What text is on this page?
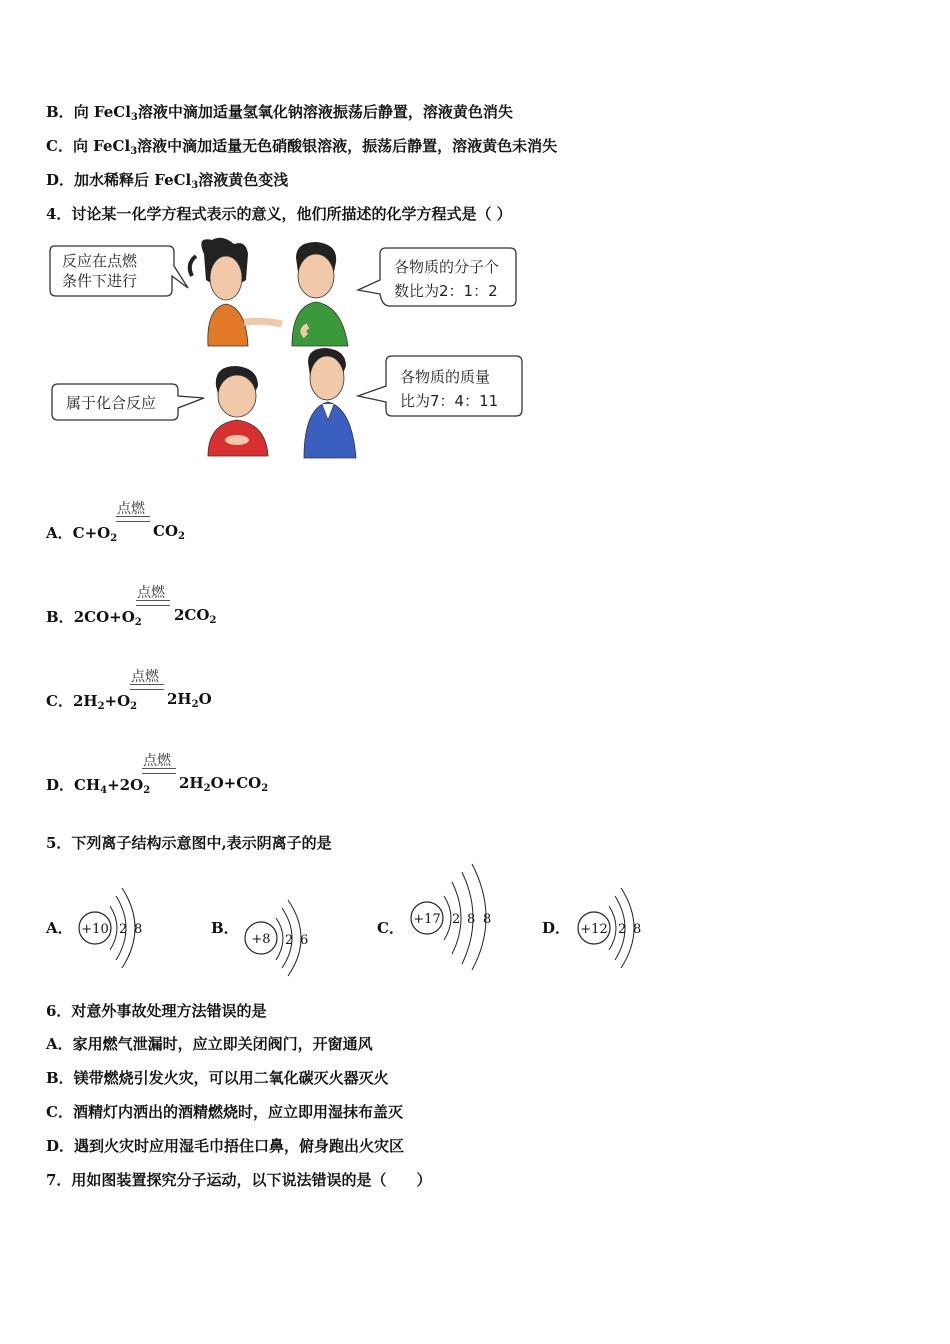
B．向 FeCl$_3$溶液中滴加适量氢氧化钠溶液振荡后静置，溶液黄色消失
C．向 FeCl$_3$溶液中滴加适量无色硝酸银溶液，振荡后静置，溶液黄色未消失
D．加水稀释后 FeCl$_3$溶液黄色变浅
4．讨论某一化学方程式表示的意义，他们所描述的化学方程式是（ ）
反应在点燃
条件下进行
各物质的分子个
数比为2：1：2
属于化合反应
各物质的质量
比为7：4：11
点燃
A．$C+O_2$ $CO_2$
点燃
B．$2CO+O_2$ $2CO_2$
点燃
C．$2H_2+O_2$ $2H_2O$
点燃
D．$CH_4+2O_2$ $2H_2O+CO_2$
5．下列离子结构示意图中,表示阴离子的是
A． +10 2 8	B．
+8 2 6
C． +17 2 8 8	D． +12 2 8
6．对意外事故处理方法错误的是
A．家用燃气泄漏时，应立即关闭阀门，开窗通风
B．镁带燃烧引发火灾，可以用二氧化碳灭火器灭火
C．酒精灯内洒出的酒精燃烧时，应立即用湿抹布盖灭
D．遇到火灾时应用湿毛巾捂住口鼻，俯身跑出火灾区
7．用如图装置探究分子运动，以下说法错误的是（　　）
